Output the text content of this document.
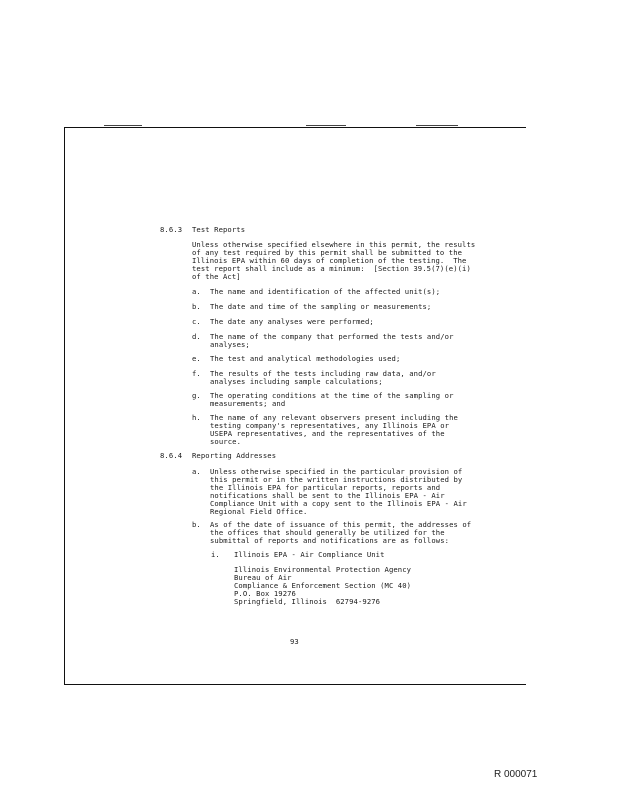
8.6.3 Test Reports
Unless otherwise specified elsewhere in this permit, the results
of any test required by this permit shall be submitted to the
Illinois EPA within 60 days of completion of the testing.  The
test report shall include as a minimum:  [Section 39.5(7)(e)(i)
of the Act]
a. The name and identification of the affected unit(s);
b. The date and time of the sampling or measurements;
c. The date any analyses were performed;
d. The name of the company that performed the tests and/or
analyses;
e. The test and analytical methodologies used;
f. The results of the tests including raw data, and/or
analyses including sample calculations;
g. The operating conditions at the time of the sampling or
measurements; and
h. The name of any relevant observers present including the
testing company's representatives, any Illinois EPA or
USEPA representatives, and the representatives of the
source.
8.6.4 Reporting Addresses
a. Unless otherwise specified in the particular provision of
this permit or in the written instructions distributed by
the Illinois EPA for particular reports, reports and
notifications shall be sent to the Illinois EPA - Air
Compliance Unit with a copy sent to the Illinois EPA - Air
Regional Field Office.
b. As of the date of issuance of this permit, the addresses of
the offices that should generally be utilized for the
submittal of reports and notifications are as follows:
i. Illinois EPA - Air Compliance Unit
Illinois Environmental Protection Agency
Bureau of Air
Compliance & Enforcement Section (MC 40)
P.O. Box 19276
Springfield, Illinois  62794-9276
93
R 000071
